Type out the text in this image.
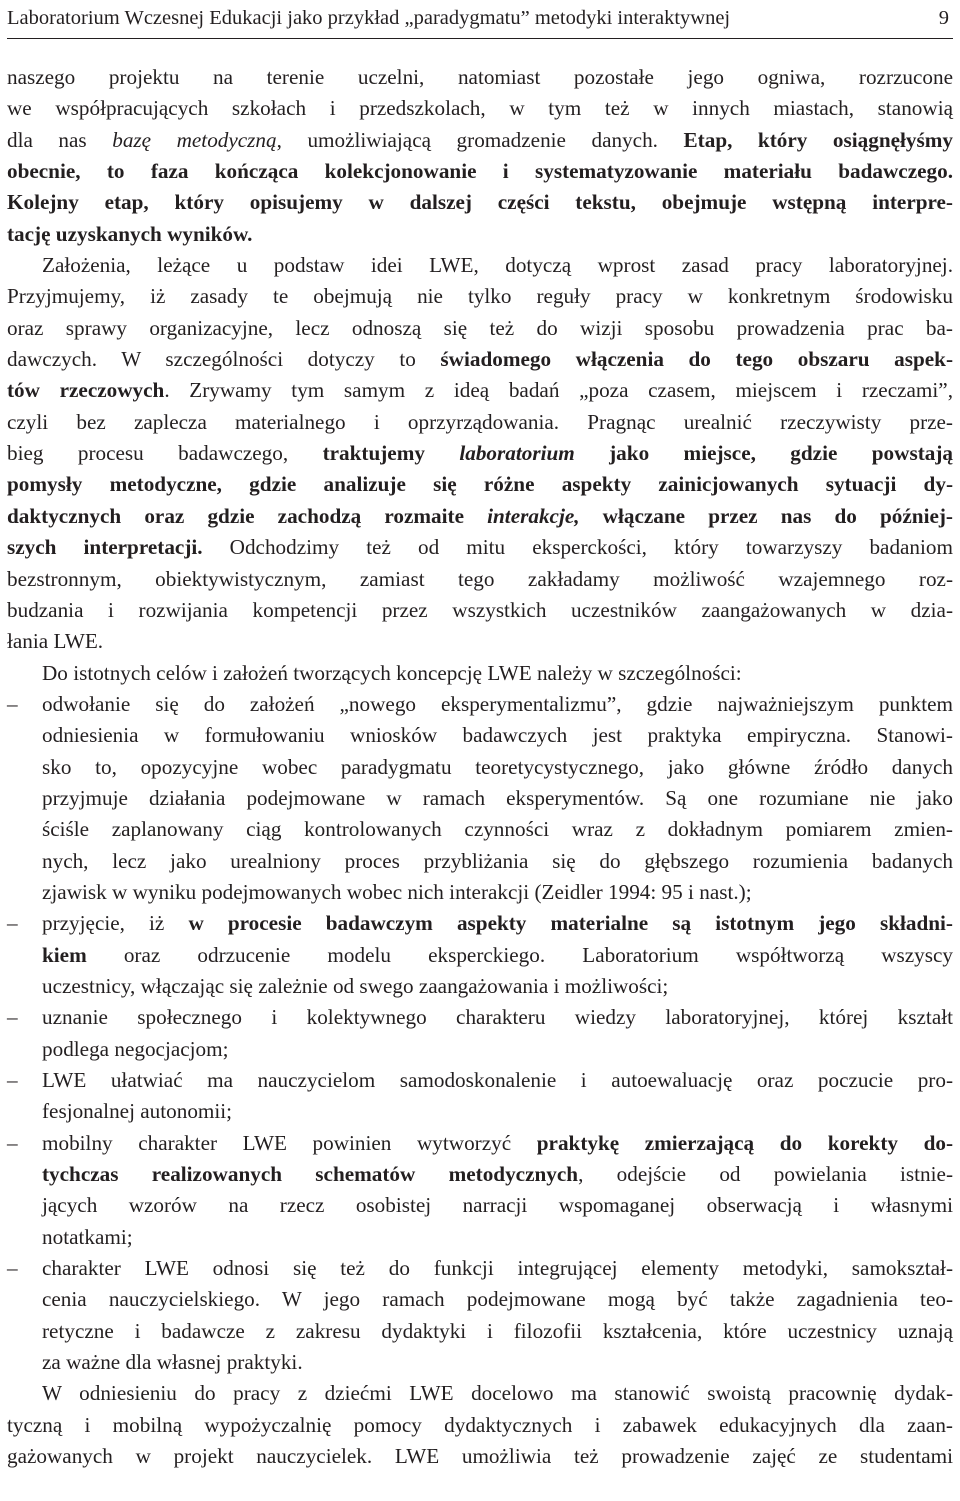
Laboratorium Wczesnej Edukacji jako przykład „paradygmatu” metodyki interaktywnej	9
naszego projektu na terenie uczelni, natomiast pozostałe jego ogniwa, rozrzucone
we współpracujących szkołach i przedszkolach, w tym też w innych miastach, stanowią
dla nas bazę metodyczną, umożliwiającą gromadzenie danych. Etap, który osiągnęłyśmy
obecnie, to faza kończąca kolekcjonowanie i systematyzowanie materiału badawczego.
Kolejny etap, który opisujemy w dalszej części tekstu, obejmuje wstępną interpre-
tację uzyskanych wyników.
Założenia, leżące u podstaw idei LWE, dotyczą wprost zasad pracy laboratoryjnej.
Przyjmujemy, iż zasady te obejmują nie tylko reguły pracy w konkretnym środowisku
oraz sprawy organizacyjne, lecz odnoszą się też do wizji sposobu prowadzenia prac ba-
dawczych. W szczególności dotyczy to świadomego włączenia do tego obszaru aspek-
tów rzeczowych. Zrywamy tym samym z ideą badań „poza czasem, miejscem i rzeczami”,
czyli bez zaplecza materialnego i oprzyrządowania. Pragnąc urealnić rzeczywisty prze-
bieg procesu badawczego, traktujemy laboratorium jako miejsce, gdzie powstają
pomysły metodyczne, gdzie analizuje się różne aspekty zainicjowanych sytuacji dy-
daktycznych oraz gdzie zachodzą rozmaite interakcje, włączane przez nas do później-
szych interpretacji. Odchodzimy też od mitu eksperckości, który towarzyszy badaniom
bezstronnym, obiektywistycznym, zamiast tego zakładamy możliwość wzajemnego roz-
budzania i rozwijania kompetencji przez wszystkich uczestników zaangażowanych w dzia-
łania LWE.
Do istotnych celów i założeń tworzących koncepcję LWE należy w szczególności:
– odwołanie się do założeń „nowego eksperymentalizmu”, gdzie najważniejszym punktem
odniesienia w formułowaniu wniosków badawczych jest praktyka empiryczna. Stanowi-
sko to, opozycyjne wobec paradygmatu teoretycystycznego, jako główne źródło danych
przyjmuje działania podejmowane w ramach eksperymentów. Są one rozumiane nie jako
ściśle zaplanowany ciąg kontrolowanych czynności wraz z dokładnym pomiarem zmien-
nych, lecz jako urealniony proces przybliżania się do głębszego rozumienia badanych
zjawisk w wyniku podejmowanych wobec nich interakcji (Zeidler 1994: 95 i nast.);
– przyjęcie, iż w procesie badawczym aspekty materialne są istotnym jego składni-
kiem oraz odrzucenie modelu eksperckiego. Laboratorium współtworzą wszyscy
uczestnicy, włączając się zależnie od swego zaangażowania i możliwości;
– uznanie społecznego i kolektywnego charakteru wiedzy laboratoryjnej, której kształt
podlega negocjacjom;
– LWE ułatwiać ma nauczycielom samodoskonalenie i autoewaluację oraz poczucie pro-
fesjonalnej autonomii;
– mobilny charakter LWE powinien wytworzyć praktykę zmierzającą do korekty do-
tychczas realizowanych schematów metodycznych, odejście od powielania istnie-
jących wzorów na rzecz osobistej narracji wspomaganej obserwacją i własnymi
notatkami;
– charakter LWE odnosi się też do funkcji integrującej elementy metodyki, samokształ-
cenia nauczycielskiego. W jego ramach podejmowane mogą być także zagadnienia teo-
retyczne i badawcze z zakresu dydaktyki i filozofii kształcenia, które uczestnicy uznają
za ważne dla własnej praktyki.
W odniesieniu do pracy z dziećmi LWE docelowo ma stanowić swoistą pracownię dydak-
tyczną i mobilną wypożyczalnię pomocy dydaktycznych i zabawek edukacyjnych dla zaan-
gażowanych w projekt nauczycielek. LWE umożliwia też prowadzenie zajęć ze studentami
